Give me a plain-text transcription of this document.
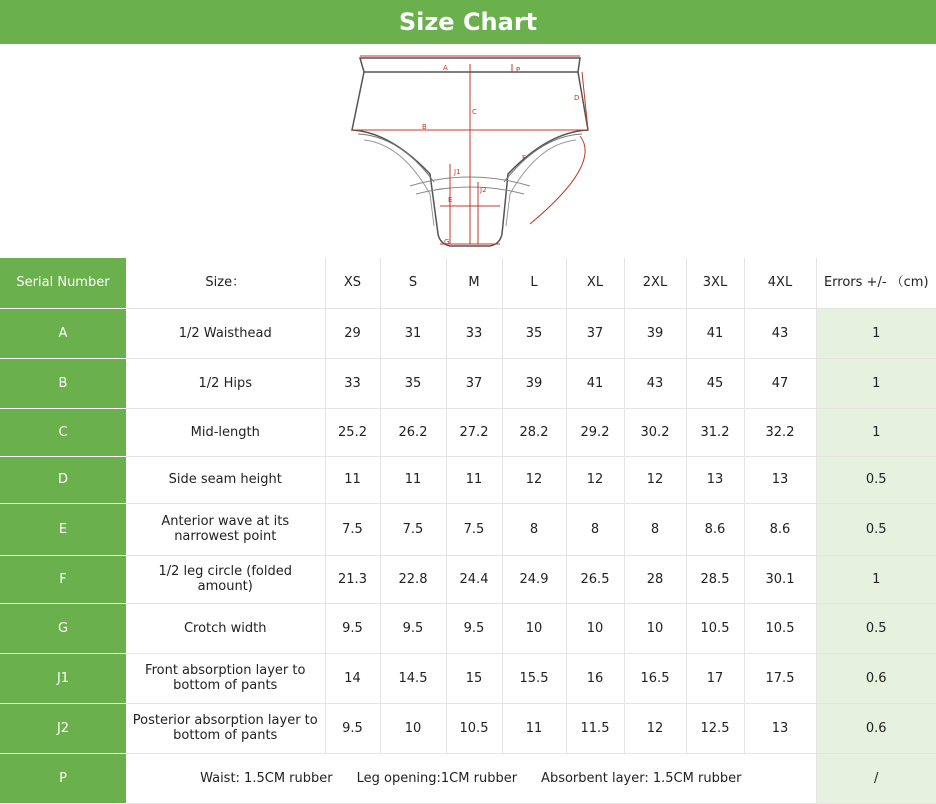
Size Chart
A	P
C
D
B
F
J1
J2
E
G
Serial Number	Size：	XS	S	M	L	XL	2XL	3XL	4XL	Errors +/- （cm)
A	1/2 Waisthead	29	31	33	35	37	39	41	43	1
B	1/2 Hips	33	35	37	39	41	43	45	47	1
C	Mid-length	25.2	26.2	27.2	28.2	29.2	30.2	31.2	32.2	1
D	Side seam height	11	11	11	12	12	12	13	13	0.5
E	Anterior wave at its narrowest point	7.5	7.5	7.5	8	8	8	8.6	8.6	0.5
F	1/2 leg circle (folded amount)	21.3	22.8	24.4	24.9	26.5	28	28.5	30.1	1
G	Crotch width	9.5	9.5	9.5	10	10	10	10.5	10.5	0.5
J1	Front absorption layer to bottom of pants	14	14.5	15	15.5	16	16.5	17	17.5	0.6
J2	Posterior absorption layer to bottom of pants	9.5	10	10.5	11	11.5	12	12.5	13	0.6
P	Waist: 1.5CM rubber Leg opening:1CM rubber Absorbent layer: 1.5CM rubber									/
